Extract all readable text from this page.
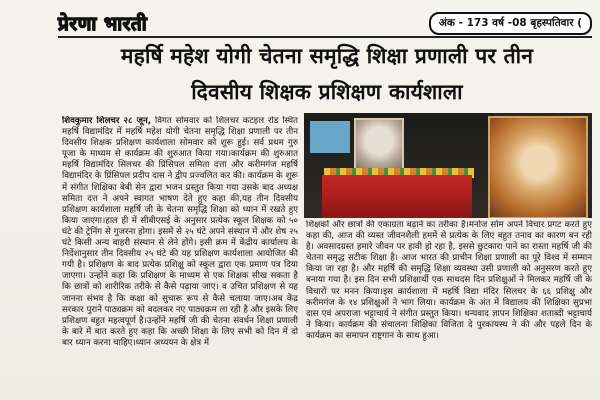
प्रेरणा भारती	अंक - 173 वर्ष -08 बृहस्पतिवार (
महर्षि महेश योगी चेतना समृद्धि शिक्षा प्रणाली पर तीन
दिवसीय शिक्षक प्रशिक्षण कार्यशाला
शिवकुमार शिलचर २८ जून, विगत सोमवार को शिलचर कटहल रोड स्थित महर्षि विद्यामंदिर में महर्षि महेश योगी चेतना समृद्धि शिक्षा प्रणाली पर तीन दिवसीय शिक्षक प्रशिक्षण कार्यशाला सोमवार को शुरू हुई। सर्व प्रथम गुरु पूजा के माध्यम से कार्यक्रम की शुरुआत किया गया।कार्यक्रम की शुरुआत महर्षि विद्यामंदिर सिलचर की प्रिंसिपल समिता दत्ता और करीमगंज महर्षि विद्यामंदिर के प्रिंसिपल प्रदीप दास ने द्वीप प्रज्वलित कर की। कार्यक्रम के शुरू में संगीत शिक्षिका बेबी सेन द्वारा भजन प्रस्तुत किया गया उसके बाद अध्यक्ष समिता दत्त ने अपने स्वागत भाषण देते हुए कहा की,यह तीन दिवसीय प्रशिक्षण कार्यशाला महर्षि जी के चेतना समृद्धि शिक्षा को ध्यान में रखते हुए किया जाएगा।हाल ही में सीबीएसई के अनुसार प्रत्येक स्कूल शिक्षक को ५० घंटे की ट्रेनिंग से गुजरना होगा। इसमें से २५ घंटे अपने संस्थान में और शेष २५ घंटे किसी अन्य बाहरी संस्थान से लेने होंगे। इसी क्रम में केंद्रीय कार्यालय के निर्देशानुसार तीन दिवसीय २५ घंटे की यह प्रशिक्षण कार्यशाला आयोजित की गयी है। प्रशिक्षण के बाद प्रत्येक प्रशिक्षु को स्कूल द्वारा एक प्रमाण पत्र दिया जाएगा। उन्होंने कहा कि प्रशिक्षण के माध्यम से एक शिक्षक सीख सकता है कि छात्रों को शारीरिक तरीके से कैसे पढ़ाया जाए। व उचित प्रशिक्षण से यह जानना संभव है कि कक्षा को सुचारू रूप से कैसे चलाया जाए।अब केंद्र सरकार पुराने पाठ्यक्रम को बदलकर नए पाठ्यक्रम ला रही है और इसके लिए प्रशिक्षण बहुत महत्वपूर्ण है।उन्होंने महर्षि जी की चेतना संवर्धन शिक्षा प्रणाली के बारे में बात करते हुए कहा कि अच्छी शिक्षा के लिए सभी को दिन में दो बार ध्यान करना चाहिए।ध्यान अध्ययन के क्षेत्र में
शिक्षकों और छात्रों की एकाग्रता बढ़ाने का तरीका है।मनोज सोम अपने विचार प्रगट करते हुए कहा की, आज की व्यस्त जीवनशैली हममें से प्रत्येक के लिए बहुत तनाव का कारण बन रही है। अवसादग्रस्त हमारे जीवन पर हावी हो रहा है, इससे छुटकारा पाने का रास्ता महर्षि जी की चेतना समृद्ध सटीक शिक्षा है। आज भारत की प्राचीन शिक्षा प्रणाली का पूरे विश्व में सम्मान किया जा रहा है। और महर्षि की समृद्धि शिक्षा व्यवस्था उसी प्रणाली को अनुसरण करते हुए बनाया गया है। इस दिन सभी प्रशिक्षार्थी एक साथदस दिन प्रशिक्षुओं ने मिलकर महर्षि जी के विचारों पर मनन किया।इस कार्यशाला में महर्षि विद्या मंदिर सिलचर के ६६ प्रशिक्षु और करीमगंज के १४ प्रशिक्षुओं ने भाग लिया। कार्यक्रम के अंत में विद्यालय की शिक्षिका सुप्रभा दास एवं अपराजा भट्टाचार्य ने संगीत प्रस्तुत किया। धन्यवाद ज्ञापन शिक्षिका शताब्दी भट्टाचार्य ने किया। कार्यक्रम की संचालना शिक्षिका विजिता दे पुरकायस्थ ने की और पहले दिन के कार्यक्रम का समापन राष्ट्रगान के साथ हुआ।
